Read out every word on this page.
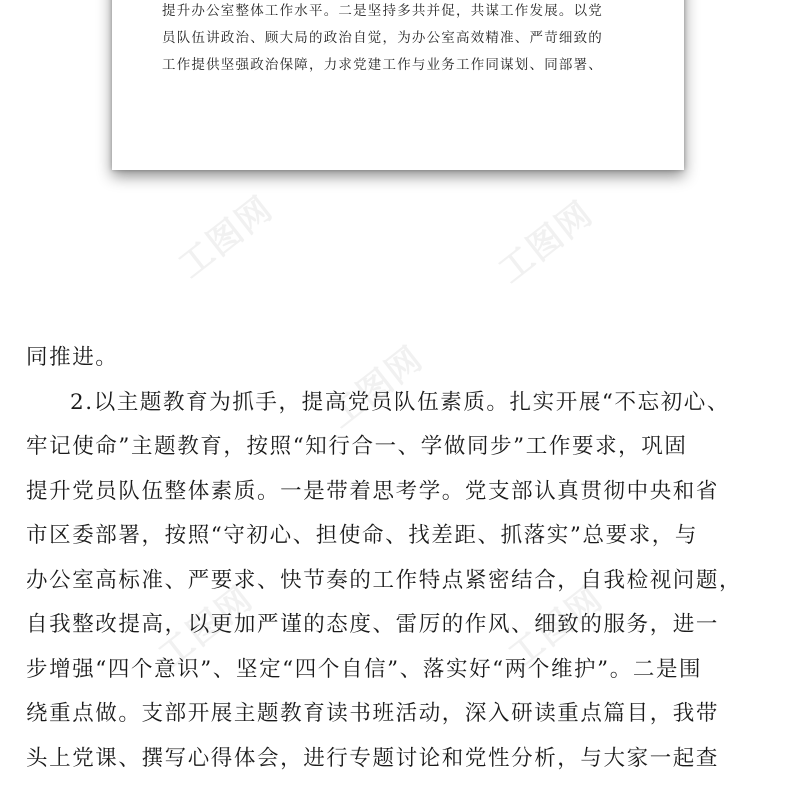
提升办公室整体工作水平。二是坚持多共并促，共谋工作发展。以党
员队伍讲政治、顾大局的政治自觉，为办公室高效精准、严苛细致的
工作提供坚强政治保障，力求党建工作与业务工作同谋划、同部署、
工图网	工图网
工图网
工图网	工图网
同推进。
2.以主题教育为抓手，提高党员队伍素质。扎实开展“不忘初心、
牢记使命”主题教育，按照“知行合一、学做同步”工作要求，巩固
提升党员队伍整体素质。一是带着思考学。党支部认真贯彻中央和省
市区委部署，按照“守初心、担使命、找差距、抓落实”总要求，与
办公室高标准、严要求、快节奏的工作特点紧密结合，自我检视问题，
自我整改提高，以更加严谨的态度、雷厉的作风、细致的服务，进一
步增强“四个意识”、坚定“四个自信”、落实好“两个维护”。二是围
绕重点做。支部开展主题教育读书班活动，深入研读重点篇目，我带
头上党课、撰写心得体会，进行专题讨论和党性分析，与大家一起查
